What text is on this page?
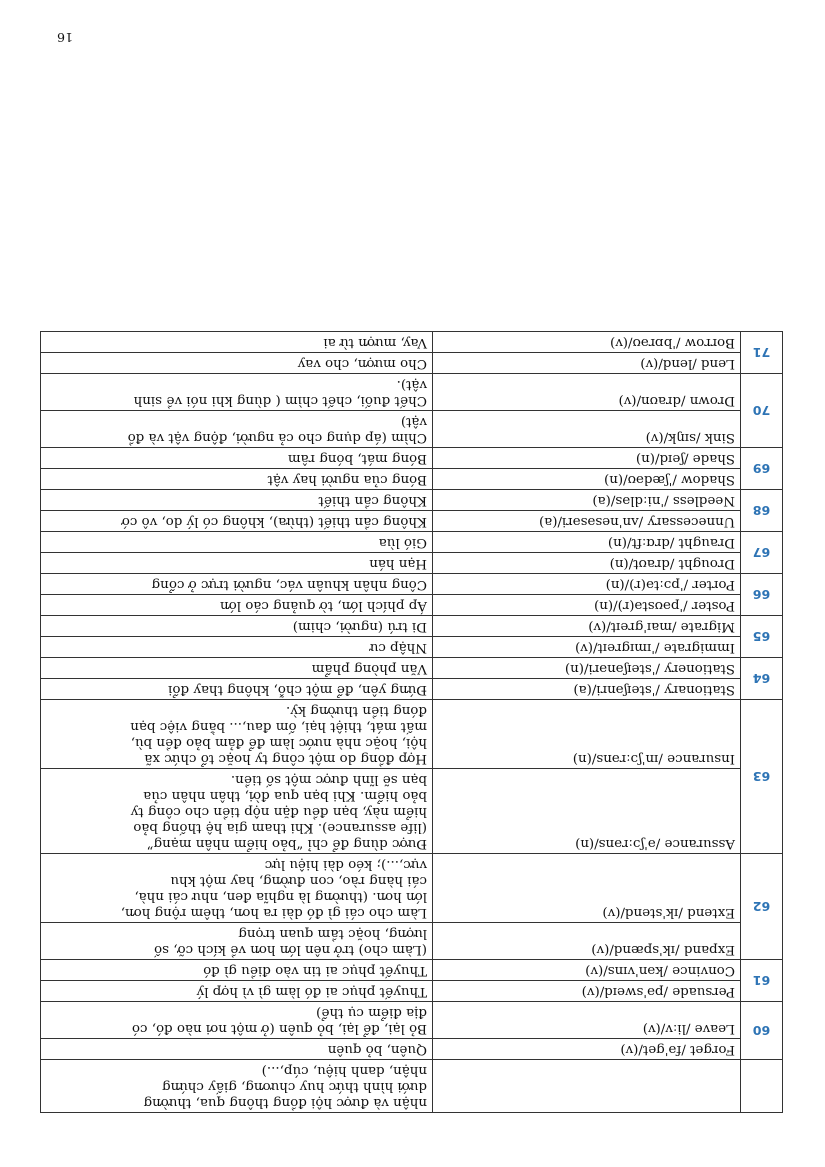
		nhận và được hội đồng thông qua, thường
dưới hình thức huy chương, giấy chứng
nhận, danh hiệu, cúp,...)

60	Forget /fəˈget/(v)	Quên, bỏ quên

	Leave /liːv/(v)	Bỏ lại, để lại, bỏ quên (ở một nơi nào đó, có
địa điểm cụ thể)

61	Persuade /pəˈsweɪd/(v)	Thuyết phục ai đó làm gì vì hợp lý

	Convince /kənˈvɪns/(v)	Thuyết phục ai tin vào điều gì đó

62	Expand /ɪkˈspænd/(v)	(Làm cho) trở nên lớn hơn về kích cỡ, số
lượng, hoặc tầm quan trọng

	Extend /ɪkˈstend/(v)	Làm cho cái gì đó dài ra hơn, thêm rộng hơn,
lớn hơn. (thường là nghĩa đen, như cái nhà,
cái hàng rào, con đường, hay một khu
vực,...); kéo dài hiệu lực

63	Assurance /əˈʃɔːrəns/(n)	Được dùng để chỉ “bảo hiểm nhân mạng”
(life assurance). Khi tham gia hệ thống bảo
hiểm này, bạn đều đặn nộp tiền cho công ty
bảo hiểm. Khi bạn qua đời, thân nhân của
bạn sẽ lĩnh được một số tiền.

	Insurance /ɪnˈʃɔːrəns/(n)	Hợp đồng do một công ty hoặc tổ chức xã
hội, hoặc nhà nước làm để đảm bảo đền bù,
mất mát, thiệt hại, ốm đau,... bằng việc bạn
đóng tiền thường kỳ.

64	Stationary /ˈsteɪʃənri/(a)	Đứng yên, để một chỗ, không thay đổi

	Stationery /ˈsteɪʃənəri/(n)	Văn phòng phẩm

65	Immigrate /ˈɪmɪgreɪt/(v)	Nhập cư

	Migrate /maɪˈgreɪt/(v)	Di trú (người, chim)

66	Poster /ˈpəʊstə(r)/(n)	Áp phích lớn, tờ quảng cáo lớn

	Porter /ˈpɔːtə(r)/(n)	Công nhân khuân vác, người trực ở cổng

67	Drought /draʊt/(n)	Hạn hán

	Draught /drɑːft/(n)	Gió lùa

68	Unnecessary /ʌnˈnesəsəri/(a)	Không cần thiết (thừa), không có lý do, vô cớ

	Needless /ˈniːdləs/(a)	Không cần thiết

69	Shadow /ˈʃædəʊ/(n)	Bóng của người hay vật

	Shade /ʃeɪd/(n)	Bóng mát, bóng râm

70	Sink /sɪŋk/(v)	Chìm (áp dụng cho cả người, động vật và đồ
vật)

	Drown /draʊn/(v)	Chết đuối, chết chìm ( dùng khi nói về sinh
vật).

71	Lend /lend/(v)	Cho mượn, cho vay

	Borrow /ˈbɒrəʊ/(v)	Vay, mượn từ ai
16
